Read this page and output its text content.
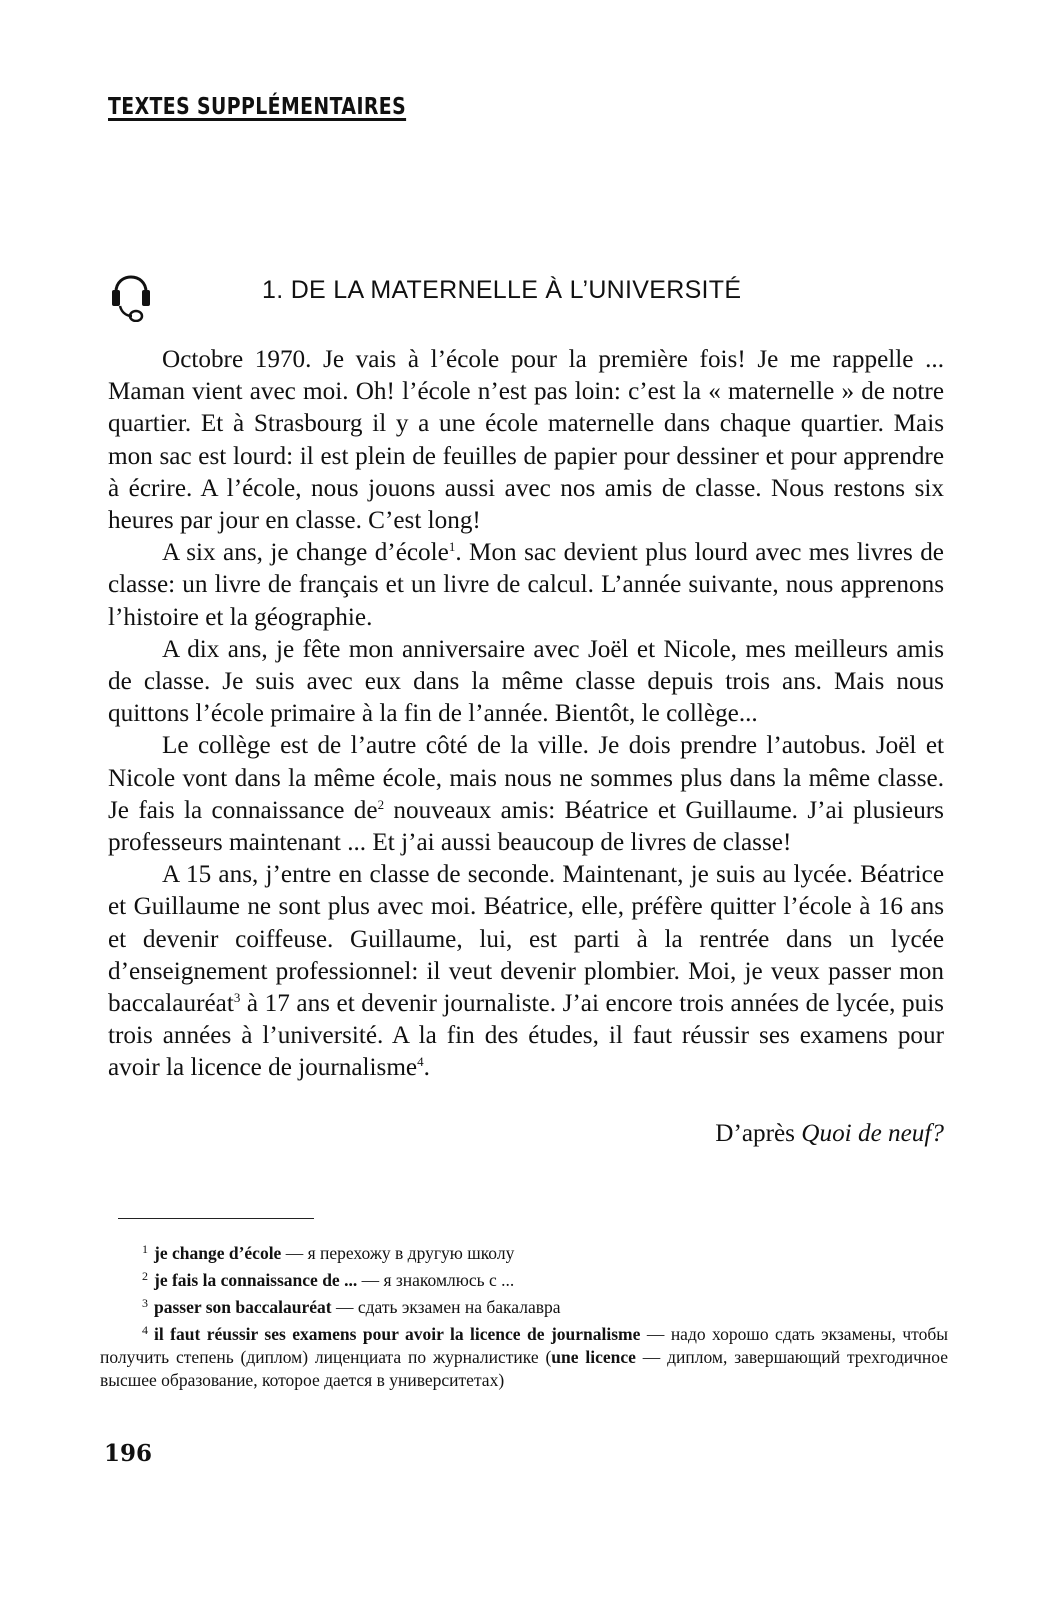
TEXTES SUPPLÉMENTAIRES
1. DE LA MATERNELLE À L’UNIVERSITÉ

Octobre 1970. Je vais à l’école pour la première fois! Je me rappelle ... Maman vient avec moi. Oh! l’école n’est pas loin: c’est la « maternelle » de notre quartier. Et à Strasbourg il y a une école maternelle dans chaque quartier. Mais mon sac est lourd: il est plein de feuilles de papier pour dessiner et pour apprendre à écrire. A l’école, nous jouons aussi avec nos amis de classe. Nous restons six heures par jour en classe. C’est long!

A six ans, je change d’école$^1$. Mon sac devient plus lourd avec mes livres de classe: un livre de français et un livre de calcul. L’année suivante, nous apprenons l’histoire et la géographie.

A dix ans, je fête mon anniversaire avec Joël et Nicole, mes meilleurs amis de classe. Je suis avec eux dans la même classe depuis trois ans. Mais nous quittons l’école primaire à la fin de l’année. Bientôt, le collège...

Le collège est de l’autre côté de la ville. Je dois prendre l’autobus. Joël et Nicole vont dans la même école, mais nous ne sommes plus dans la même classe. Je fais la connaissance de$^2$ nouveaux amis: Béatrice et Guillaume. J’ai plusieurs professeurs maintenant ... Et j’ai aussi beaucoup de livres de classe!

A 15 ans, j’entre en classe de seconde. Maintenant, je suis au lycée. Béatrice et Guillaume ne sont plus avec moi. Béatrice, elle, préfère quitter l’école à 16 ans et devenir coiffeuse. Guillaume, lui, est parti à la rentrée dans un lycée d’enseignement professionnel: il veut devenir plombier. Moi, je veux passer mon baccalauréat$^3$ à 17 ans et devenir journaliste. J’ai encore trois années de lycée, puis trois années à l’université. A la fin des études, il faut réussir ses examens pour avoir la licence de journalisme$^4$.

D’après Quoi de neuf?

$^1$ je change d’école — я перехожу в другую школу

$^2$ je fais la connaissance de ... — я знакомлюсь с ...

$^3$ passer son baccalauréat — сдать экзамен на бакалавра

$^4$ il faut réussir ses examens pour avoir la licence de journalisme — надо хорошо сдать экзамены, чтобы получить степень (диплом) лиценциата по журналистике (une licence — диплом, завершающий трехгодичное высшее образование, которое дается в университетах)

196
